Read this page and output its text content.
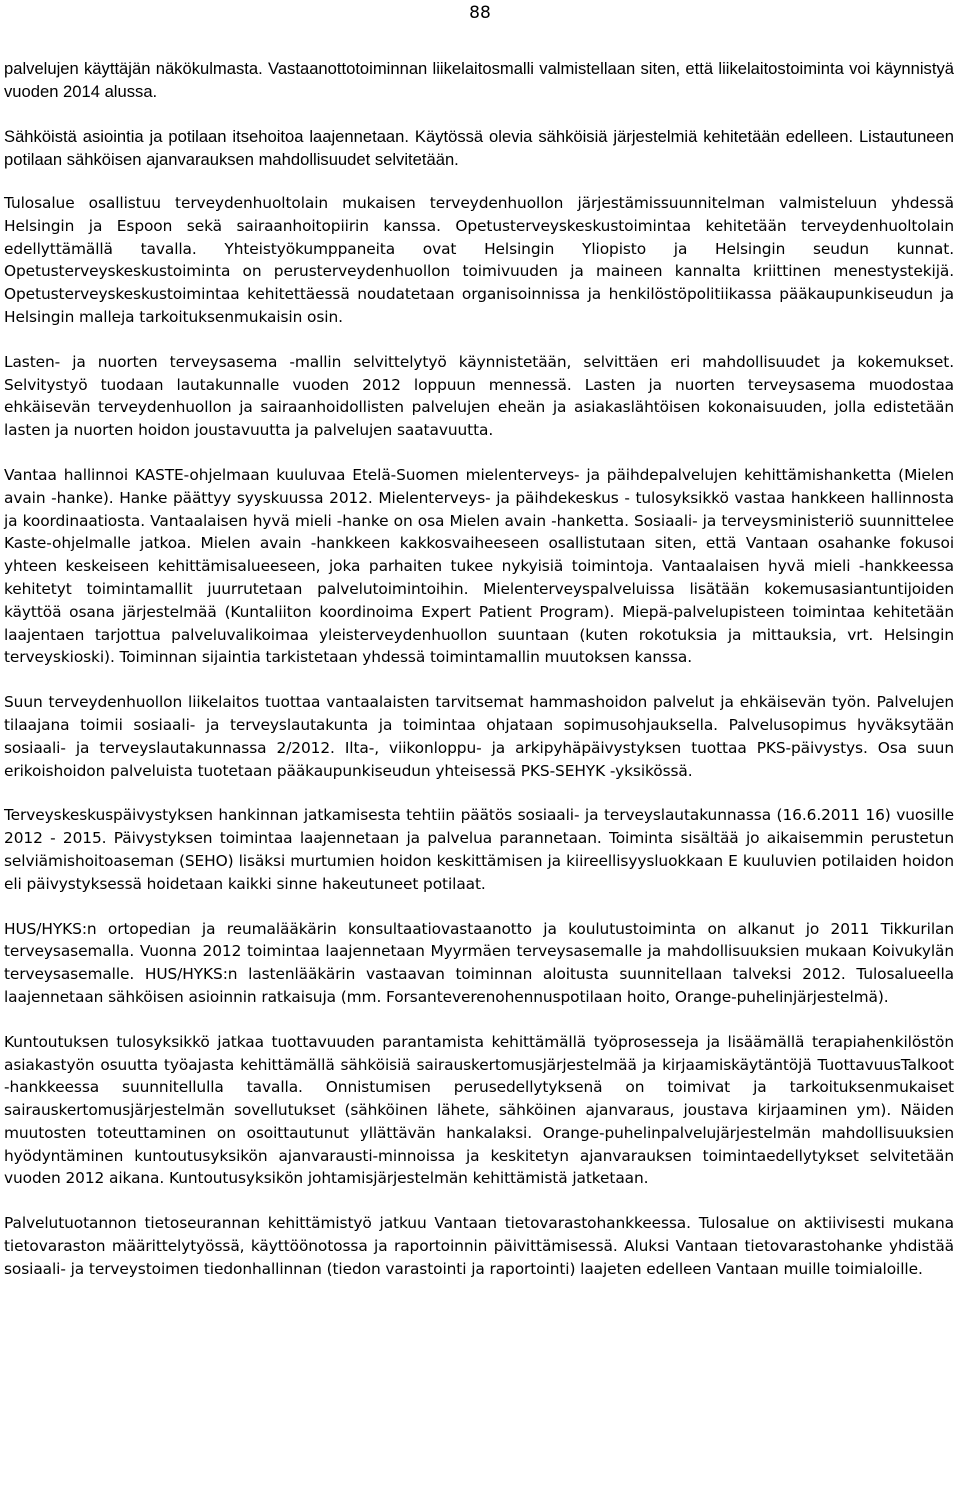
88

palvelujen käyttäjän näkökulmasta. Vastaanottotoiminnan liikelaitosmalli valmistellaan siten, että liikelaitostoiminta voi käynnistyä vuoden 2014 alussa.

Sähköistä asiointia ja potilaan itsehoitoa laajennetaan. Käytössä olevia sähköisiä järjestelmiä kehitetään edelleen. Listautuneen potilaan sähköisen ajanvarauksen mahdollisuudet selvitetään.

Tulosalue osallistuu terveydenhuoltolain mukaisen terveydenhuollon järjestämissuunnitelman valmisteluun yhdessä Helsingin ja Espoon sekä sairaanhoitopiirin kanssa. Opetusterveyskeskustoimintaa kehitetään terveydenhuoltolain edellyttämällä tavalla. Yhteistyökumppaneita ovat Helsingin Yliopisto ja Helsingin seudun kunnat. Opetusterveyskeskustoiminta on perusterveydenhuollon toimivuuden ja maineen kannalta kriittinen menestystekijä. Opetusterveyskeskustoimintaa kehitettäessä noudatetaan organisoinnissa ja henkilöstöpolitiikassa pääkaupunkiseudun ja Helsingin malleja tarkoituksenmukaisin osin.

Lasten- ja nuorten terveysasema -mallin selvittelytyö käynnistetään, selvittäen eri mahdollisuudet ja kokemukset. Selvitystyö tuodaan lautakunnalle vuoden 2012 loppuun mennessä. Lasten ja nuorten terveysasema muodostaa ehkäisevän terveydenhuollon ja sairaanhoidollisten palvelujen eheän ja asiakaslähtöisen kokonaisuuden, jolla edistetään lasten ja nuorten hoidon joustavuutta ja palvelujen saatavuutta.

Vantaa hallinnoi KASTE-ohjelmaan kuuluvaa Etelä-Suomen mielenterveys- ja päihdepalvelujen kehittämishanketta (Mielen avain -hanke). Hanke päättyy syyskuussa 2012. Mielenterveys- ja päihdekeskus - tulosyksikkö vastaa hankkeen hallinnosta ja koordinaatiosta. Vantaalaisen hyvä mieli -hanke on osa Mielen avain -hanketta. Sosiaali- ja terveysministeriö suunnittelee Kaste-ohjelmalle jatkoa. Mielen avain -hankkeen kakkosvaiheeseen osallistutaan siten, että Vantaan osahanke fokusoi yhteen keskeiseen kehittämisalueeseen, joka parhaiten tukee nykyisiä toimintoja. Vantaalaisen hyvä mieli -hankkeessa kehitetyt toimintamallit juurrutetaan palvelutoimintoihin. Mielenterveyspalveluissa lisätään kokemusasiantuntijoiden käyttöä osana järjestelmää (Kuntaliiton koordinoima Expert Patient Program). Miepä-palvelupisteen toimintaa kehitetään laajentaen tarjottua palveluvalikoimaa yleisterveydenhuollon suuntaan (kuten rokotuksia ja mittauksia, vrt. Helsingin terveyskioski). Toiminnan sijaintia tarkistetaan yhdessä toimintamallin muutoksen kanssa.

Suun terveydenhuollon liikelaitos tuottaa vantaalaisten tarvitsemat hammashoidon palvelut ja ehkäisevän työn. Palvelujen tilaajana toimii sosiaali- ja terveyslautakunta ja toimintaa ohjataan sopimusohjauksella. Palvelusopimus hyväksytään sosiaali- ja terveyslautakunnassa 2/2012. Ilta-, viikonloppu- ja arkipyhäpäivystyksen tuottaa PKS-päivystys. Osa suun erikoishoidon palveluista tuotetaan pääkaupunkiseudun yhteisessä PKS-SEHYK -yksikössä.

Terveyskeskuspäivystyksen hankinnan jatkamisesta tehtiin päätös sosiaali- ja terveyslautakunnassa (16.6.2011 16) vuosille 2012 - 2015. Päivystyksen toimintaa laajennetaan ja palvelua parannetaan. Toiminta sisältää jo aikaisemmin perustetun selviämishoitoaseman (SEHO) lisäksi murtumien hoidon keskittämisen ja kiireellisyysluokkaan E kuuluvien potilaiden hoidon eli päivystyksessä hoidetaan kaikki sinne hakeutuneet potilaat.

HUS/HYKS:n ortopedian ja reumalääkärin konsultaatiovastaanotto ja koulutustoiminta on alkanut jo 2011 Tikkurilan terveysasemalla. Vuonna 2012 toimintaa laajennetaan Myyrmäen terveysasemalle ja mahdollisuuksien mukaan Koivukylän terveysasemalle. HUS/HYKS:n lastenlääkärin vastaavan toiminnan aloitusta suunnitellaan talveksi 2012. Tulosalueella laajennetaan sähköisen asioinnin ratkaisuja (mm. Forsanteverenohennuspotilaan hoito, Orange-puhelinjärjestelmä).

Kuntoutuksen tulosyksikkö jatkaa tuottavuuden parantamista kehittämällä työprosesseja ja lisäämällä terapiahenkilöstön asiakastyön osuutta työajasta kehittämällä sähköisiä sairauskertomusjärjestelmää ja kirjaamiskäytäntöjä TuottavuusTalkoot -hankkeessa suunnitellulla tavalla. Onnistumisen perusedellytyksenä on toimivat ja tarkoituksenmukaiset sairauskertomusjärjestelmän sovellutukset (sähköinen lähete, sähköinen ajanvaraus, joustava kirjaaminen ym). Näiden muutosten toteuttaminen on osoittautunut yllättävän hankalaksi. Orange-puhelinpalvelujärjestelmän mahdollisuuksien hyödyntäminen kuntoutusyksikön ajanvarausti-minnoissa ja keskitetyn ajanvarauksen toimintaedellytykset selvitetään vuoden 2012 aikana. Kuntoutusyksikön johtamisjärjestelmän kehittämistä jatketaan.

Palvelutuotannon tietoseurannan kehittämistyö jatkuu Vantaan tietovarastohankkeessa. Tulosalue on aktiivisesti mukana tietovaraston määrittelytyössä, käyttöönotossa ja raportoinnin päivittämisessä. Aluksi Vantaan tietovarastohanke yhdistää sosiaali- ja terveystoimen tiedonhallinnan (tiedon varastointi ja raportointi) laajeten edelleen Vantaan muille toimialoille.
